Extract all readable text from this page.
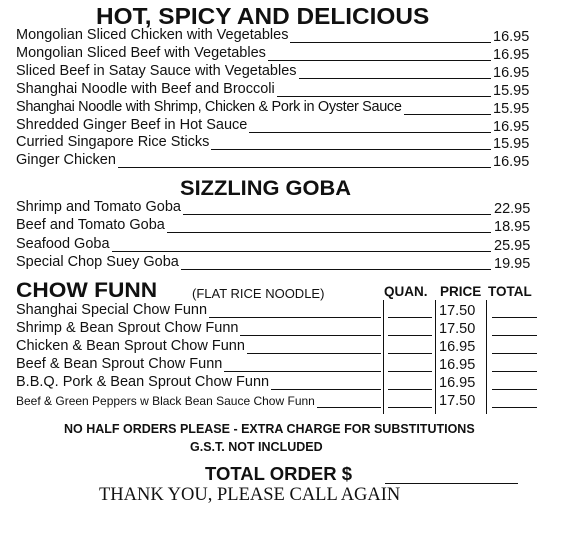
HOT, SPICY AND DELICIOUS
Mongolian Sliced Chicken with Vegetables	16.95
Mongolian Sliced Beef with Vegetables	16.95
Sliced Beef in Satay Sauce with Vegetables	16.95
Shanghai Noodle with Beef and Broccoli	15.95
Shanghai Noodle with Shrimp, Chicken & Pork in Oyster Sauce	15.95
Shredded Ginger Beef in Hot Sauce	16.95
Curried Singapore Rice Sticks	15.95
Ginger Chicken	16.95
SIZZLING GOBA
Shrimp and Tomato Goba	22.95
Beef and Tomato Goba	18.95
Seafood Goba	25.95
Special Chop Suey Goba	19.95
CHOW FUNN	(FLAT RICE NOODLE)	QUAN. PRICE TOTAL
Shanghai Special Chow Funn	17.50
Shrimp & Bean Sprout Chow Funn	17.50
Chicken & Bean Sprout Chow Funn	16.95
Beef & Bean Sprout Chow Funn	16.95
B.B.Q. Pork & Bean Sprout Chow Funn	16.95
Beef & Green Peppers w Black Bean Sauce Chow Funn	17.50
NO HALF ORDERS PLEASE - EXTRA CHARGE FOR SUBSTITUTIONS
G.S.T. NOT INCLUDED
TOTAL ORDER $
THANK YOU, PLEASE CALL AGAIN
